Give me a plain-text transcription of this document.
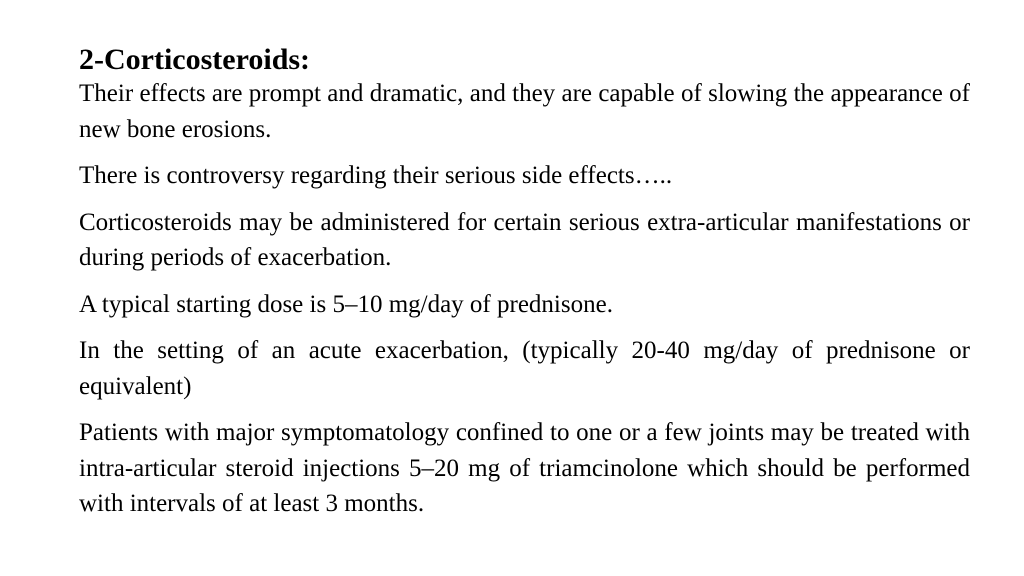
2-Corticosteroids:

Their effects are prompt and dramatic, and they are capable of slowing the appearance of new bone erosions.

There is controversy regarding their serious side effects…..

Corticosteroids may be administered for certain serious extra-articular manifestations or during periods of exacerbation.

A typical starting dose is 5–10 mg/day of prednisone.

In the setting of an acute exacerbation, (typically 20-40 mg/day of prednisone or equivalent)

Patients with major symptomatology confined to one or a few joints may be treated with intra-articular steroid injections 5–20 mg of triamcinolone which should be performed with intervals of at least 3 months.
